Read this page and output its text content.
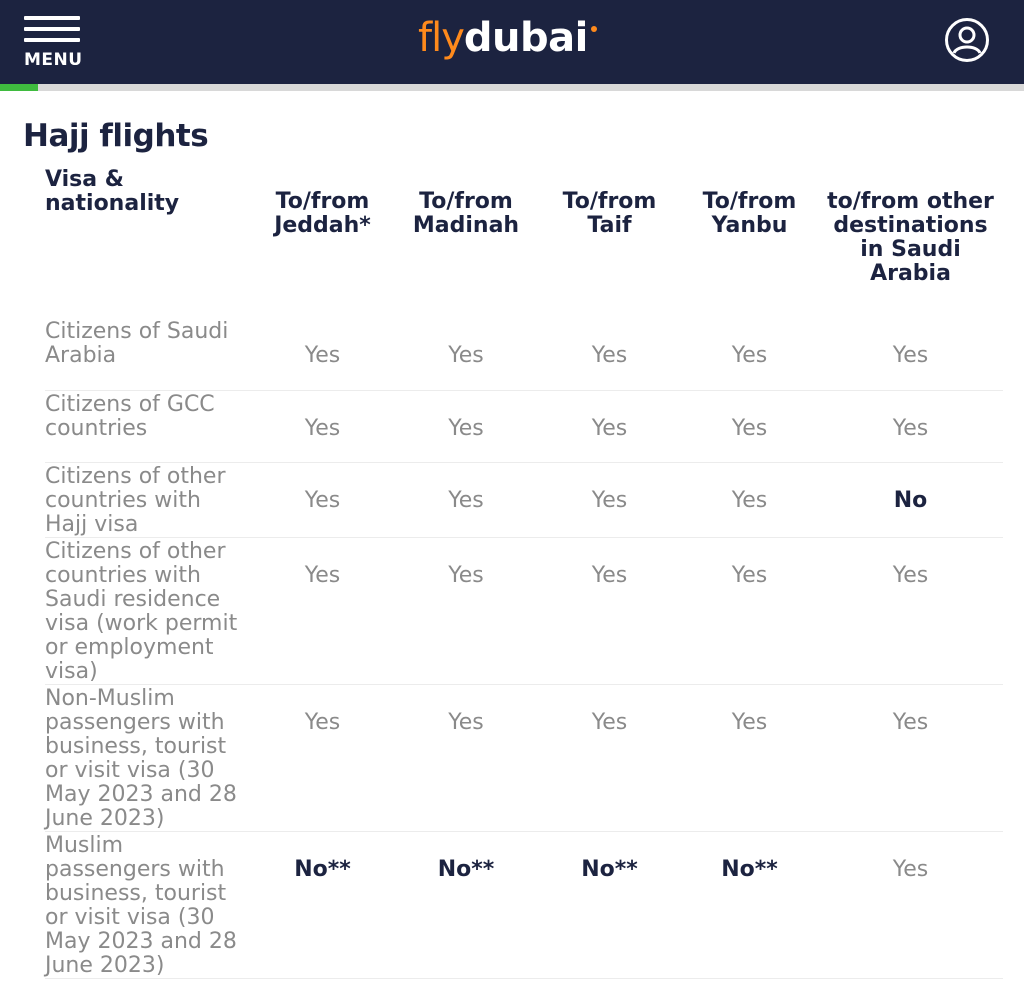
MENU	flydubai
Hajj flights
Visa & nationality	To/from Jeddah*	To/from Madinah	To/from Taif	To/from Yanbu	to/from other destinations in Saudi Arabia
Citizens of Saudi Arabia	Yes	Yes	Yes	Yes	Yes
Citizens of GCC countries	Yes	Yes	Yes	Yes	Yes
Citizens of other countries with Hajj visa	Yes	Yes	Yes	Yes	No
Citizens of other countries with Saudi residence visa (work permit or employment visa)	Yes	Yes	Yes	Yes	Yes
Non-Muslim passengers with business, tourist or visit visa (30 May 2023 and 28 June 2023)	Yes	Yes	Yes	Yes	Yes
Muslim passengers with business, tourist or visit visa (30 May 2023 and 28 June 2023)	No**	No**	No**	No**	Yes
